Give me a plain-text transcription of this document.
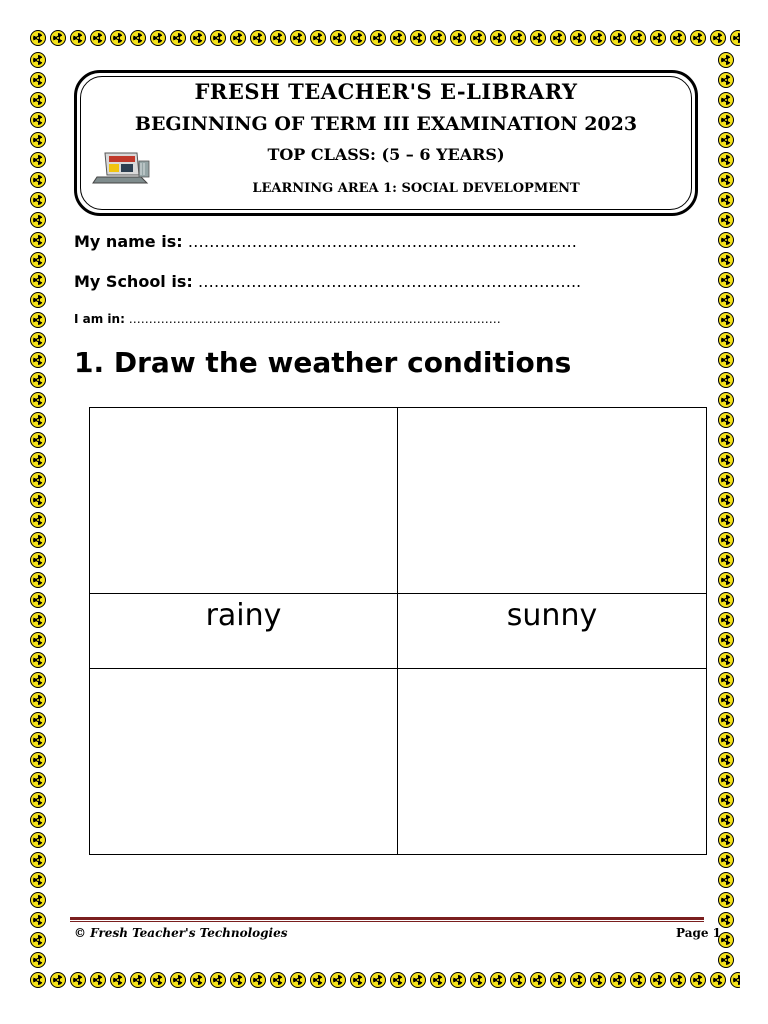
FRESH TEACHER'S E-LIBRARY
BEGINNING OF TERM III EXAMINATION 2023
TOP CLASS: (5 – 6 YEARS)
LEARNING AREA 1: SOCIAL DEVELOPMENT
My name is: ……………………………………………………………….
My School is: ……………………………………………………….……..
I am in: …………………………………………………………………………………
1. Draw the weather conditions
rainy	sunny
© Fresh Teacher's Technologies	Page 1
